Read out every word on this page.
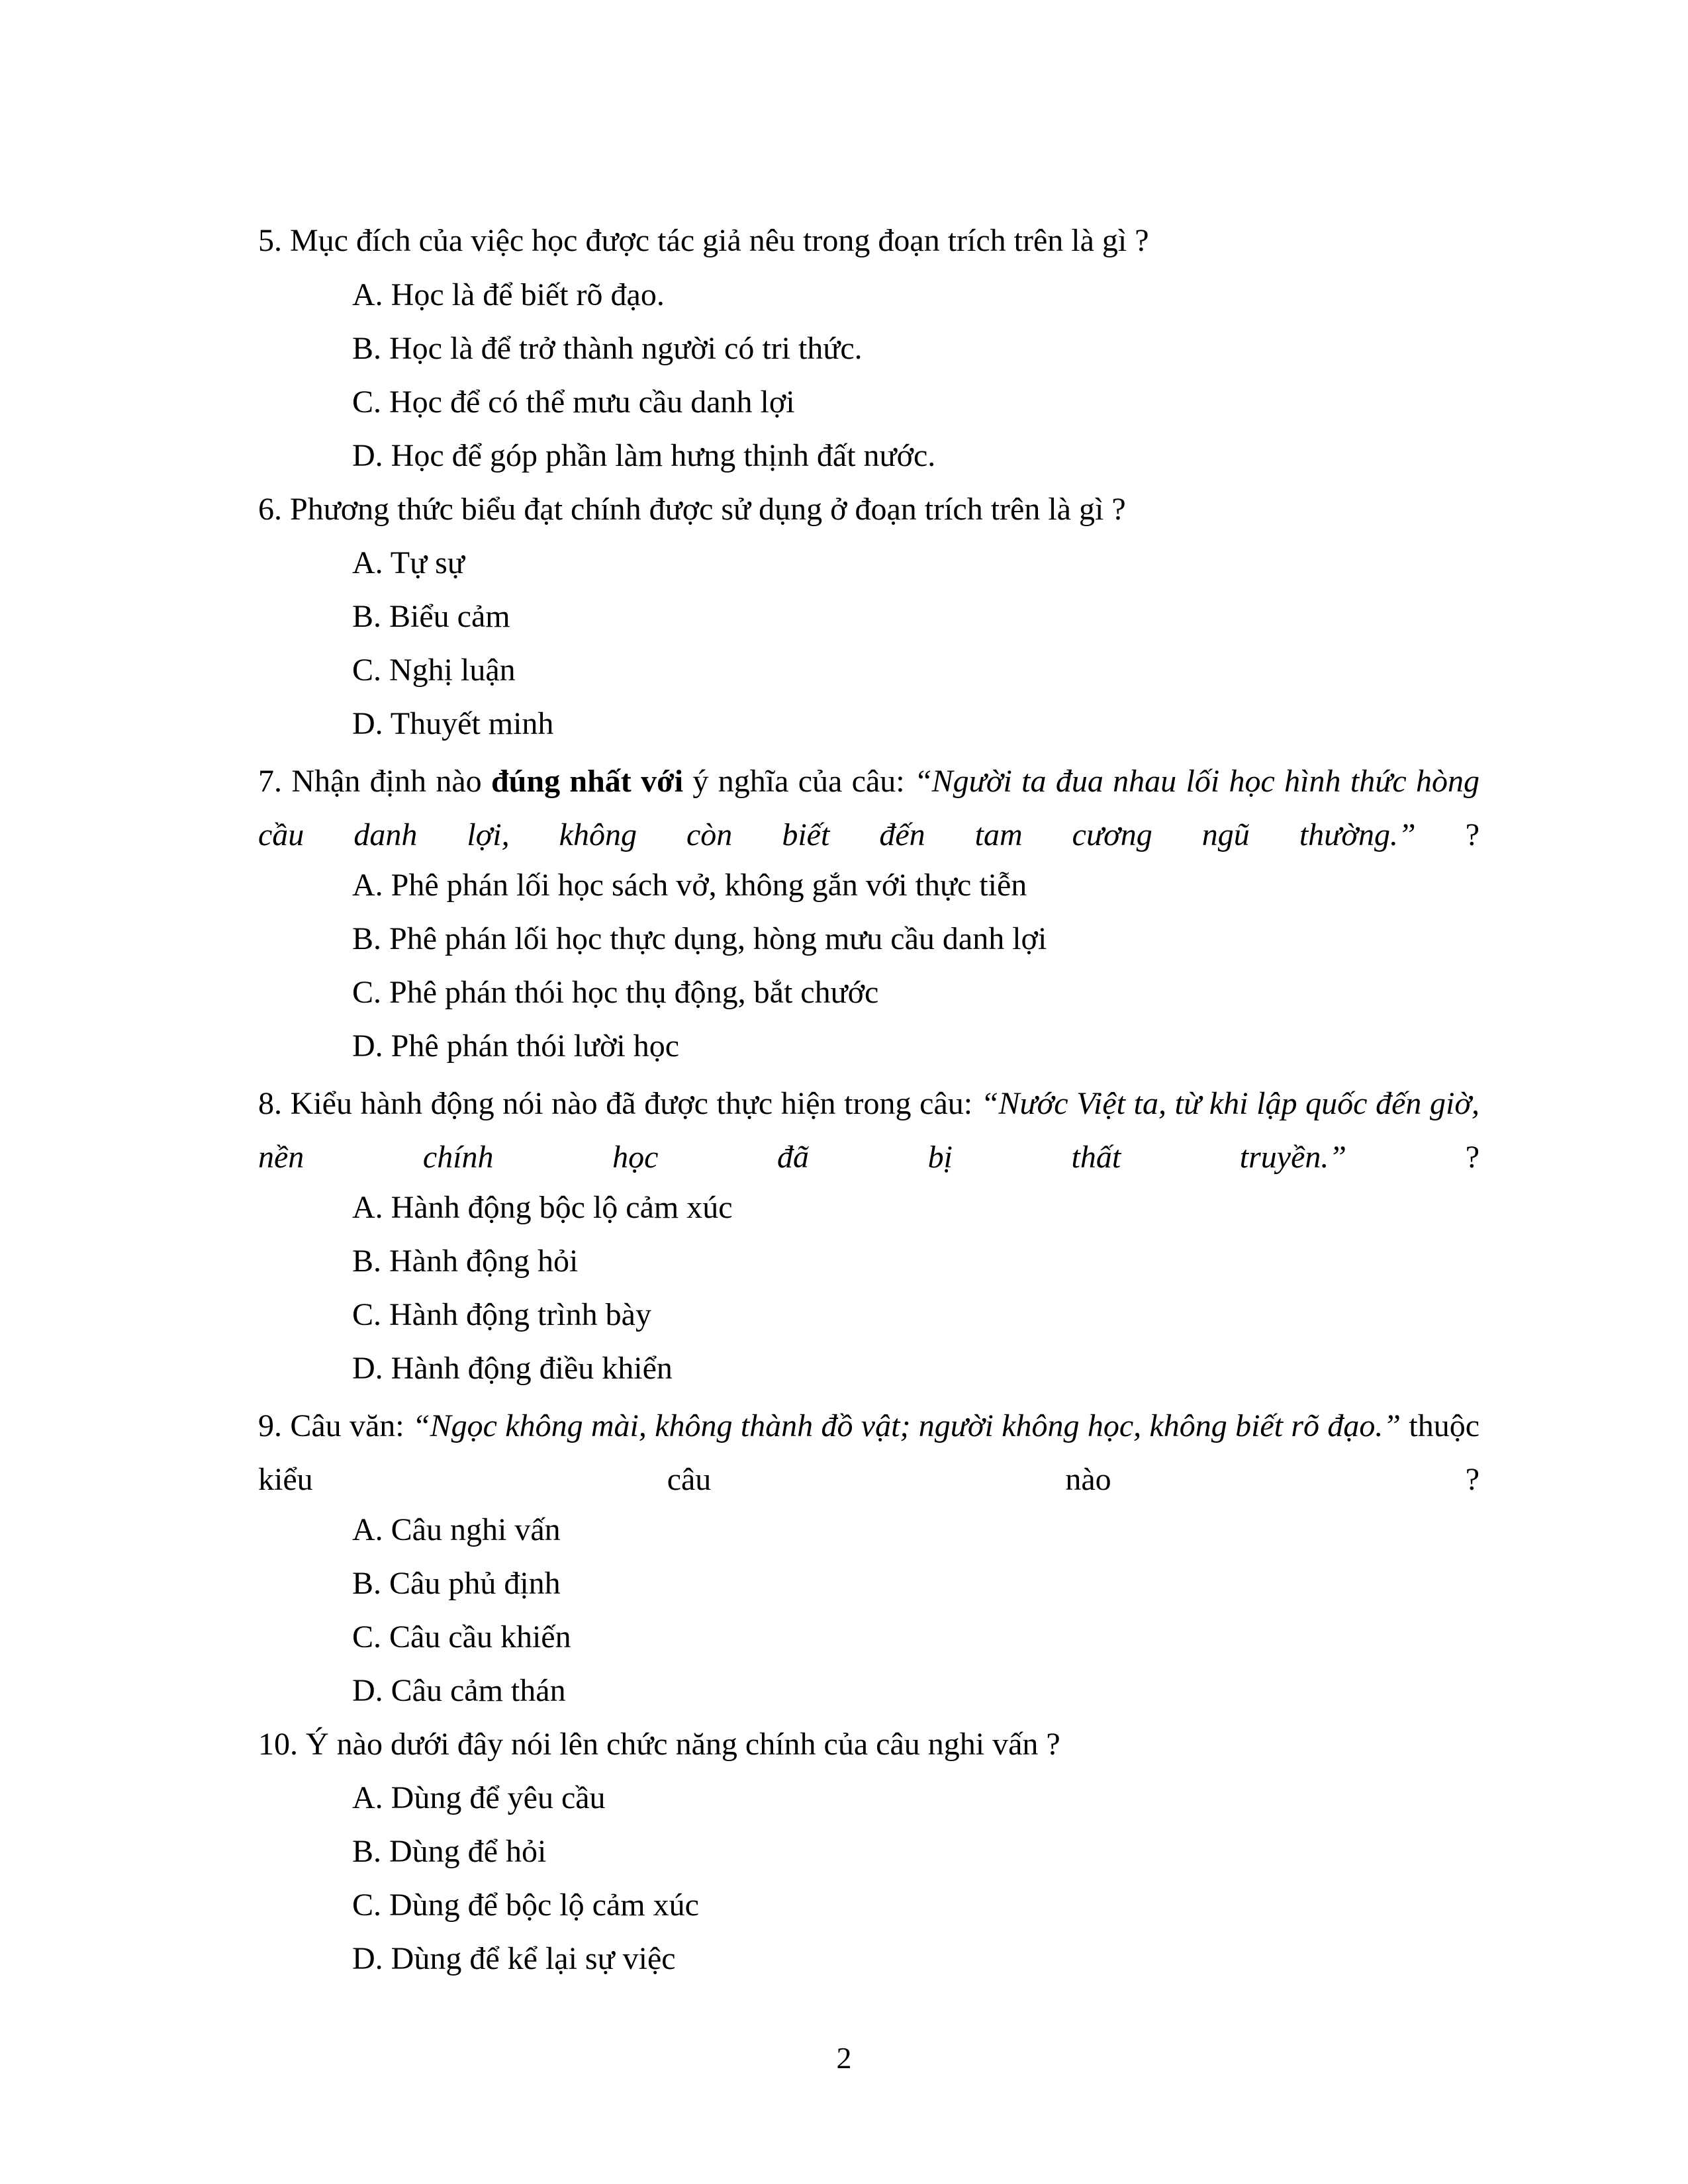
5. Mục đích của việc học được tác giả nêu trong đoạn trích trên là gì ?

A. Học là để biết rõ đạo.

B. Học là để trở thành người có tri thức.

C. Học để có thể mưu cầu danh lợi

D. Học để góp phần làm hưng thịnh đất nước.

6. Phương thức biểu đạt chính được sử dụng ở đoạn trích trên là gì ?

A. Tự sự

B. Biểu cảm

C. Nghị luận

D. Thuyết minh

7. Nhận định nào đúng nhất với ý nghĩa của câu: “Người ta đua nhau lối học hình thức hòng cầu danh lợi, không còn biết đến tam cương ngũ thường.” ?

A. Phê phán lối học sách vở, không gắn với thực tiễn

B. Phê phán lối học thực dụng, hòng mưu cầu danh lợi

C. Phê phán thói học thụ động, bắt chước

D. Phê phán thói lười học

8. Kiểu hành động nói nào đã được thực hiện trong câu: “Nước Việt ta, từ khi lập quốc đến giờ, nền chính học đã bị thất truyền.”	?

A. Hành động bộc lộ cảm xúc

B. Hành động hỏi

C. Hành động trình bày

D. Hành động điều khiển

9. Câu văn: “Ngọc không mài, không thành đồ vật; người không học, không biết rõ đạo.” thuộc kiểu câu nào ?

A. Câu nghi vấn

B. Câu phủ định

C. Câu cầu khiến

D. Câu cảm thán

10. Ý nào dưới đây nói lên chức năng chính của câu nghi vấn ?

A. Dùng để yêu cầu

B. Dùng để hỏi

C. Dùng để bộc lộ cảm xúc

D. Dùng để kể lại sự việc

2
